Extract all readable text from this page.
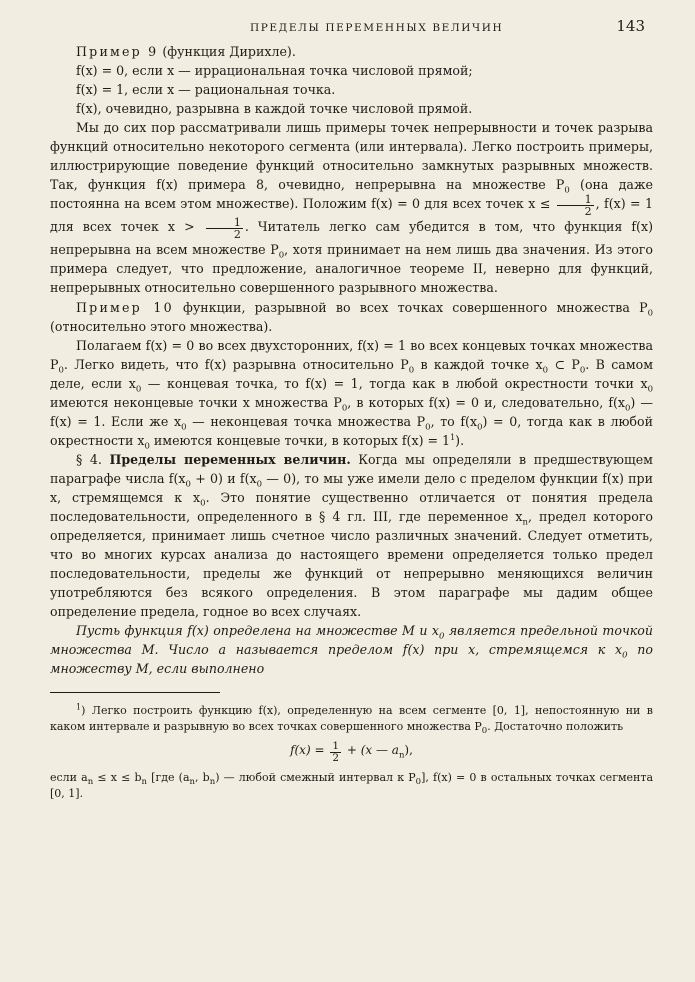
ПРЕДЕЛЫ ПЕРЕМЕННЫХ ВЕЛИЧИН	143

Пример 9 (функция Дирихле).

f(x) = 0, если x — иррациональная точка числовой прямой;

f(x) = 1, если x — рациональная точка.

f(x), очевидно, разрывна в каждой точке числовой прямой.

Мы до сих пор рассматривали лишь примеры точек непрерывности и точек разрыва функций относительно некоторого сегмента (или интервала). Легко построить примеры, иллюстрирующие поведение функций относительно замкнутых разрывных множеств. Так, функция f(x) примера 8, очевидно, непрерывна на множестве $P_0$ (она даже постоянна на всем этом множестве). Положим f(x) = 0 для всех точек $x \le \frac{1}{2}$ , f(x) = 1 для всех точек $x > \frac{1}{2}$ . Читатель легко сам убедится в том, что функция f(x) непрерывна на всем множестве $P_0$, хотя принимает на нем лишь два значения. Из этого примера следует, что предложение, аналогичное теореме II, неверно для функций, непрерывных относительно совершенного разрывного множества.

Пример 10 функции, разрывной во всех точках совершенного множества $P_0$ (относительно этого множества).

Полагаем f(x) = 0 во всех двухсторонних, f(x) = 1 во всех концевых точках множества $P_0$. Легко видеть, что f(x) разрывна относительно $P_0$ в каждой точке $x_0$ ⊂ $P_0$. В самом деле, если $x_0$ — концевая точка, то f(x) = 1, тогда как в любой окрестности точки $x_0$ имеются неконцевые точки x множества $P_0$, в которых f(x) = 0 и, следовательно, $f(x_0)$ — f(x) = 1. Если же $x_0$ — неконцевая точка множества $P_0$, то $f(x_0) = 0$, тогда как в любой окрестности $x_0$ имеются концевые точки, в которых $f(x) = 1^1$).

§ 4. Пределы переменных величин. Когда мы определяли в предшествующем параграфе числа $f(x_0 + 0)$ и $f(x_0$ — 0), то мы уже имели дело с пределом функции f(x) при x, стремящемся к $x_0$. Это понятие существенно отличается от понятия предела последовательности, определенного в § 4 гл. III, где переменное $x_n$, предел которого определяется, принимает лишь счетное число различных значений. Следует отметить, что во многих курсах анализа до настоящего времени определяется только предел последовательности, пределы же функций от непрерывно меняющихся величин употребляются без всякого определения. В этом параграфе мы дадим общее определение предела, годное во всех случаях.

Пусть функция f(x) определена на множестве M и $x_0$ является предельной точкой множества M. Число a называется пределом f(x) при x, стремящемся к $x_0$ по множеству M, если выполнено

$^1$) Легко построить функцию f(x), определенную на всем сегменте [0, 1], непостоянную ни в каком интервале и разрывную во всех точках совершенного множества $P_0$. Достаточно положить

$f(x) = \frac{1}{2} + (x$ — $a_n$),

если $a_n \le x \le b_n$ [где ($a_n$, $b_n$) — любой смежный интервал к $P_0$], f(x) = 0 в остальных точках сегмента [0, 1].
